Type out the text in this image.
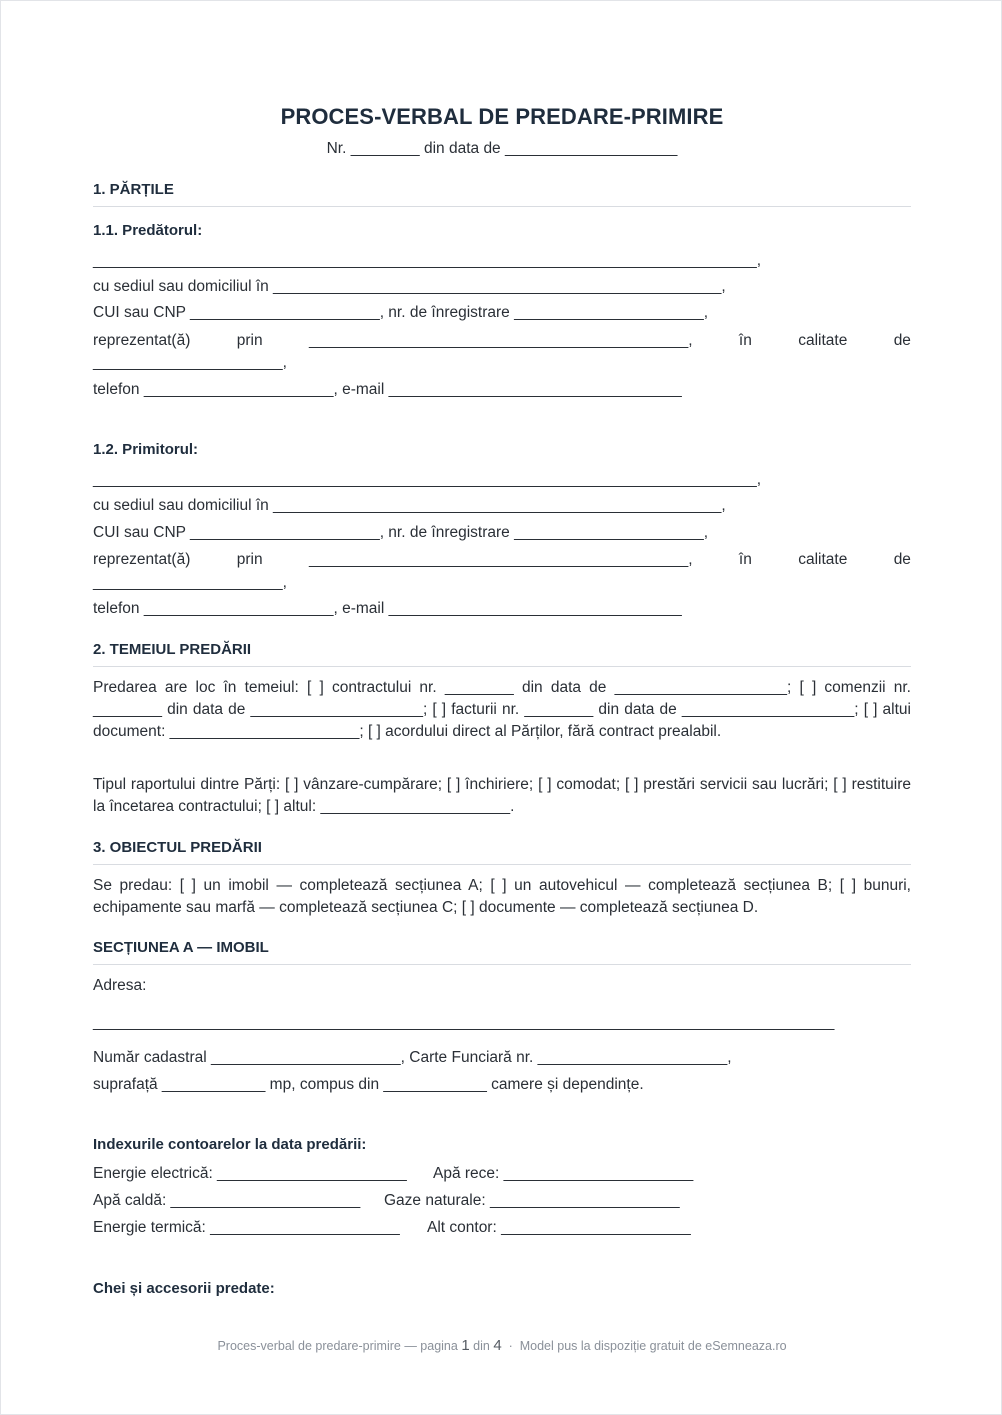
PROCES-VERBAL DE PREDARE-PRIMIRE
Nr. ________ din data de ____________________
1. PĂRȚILE
1.1. Predătorul:
_____________________________________________________________________________,
cu sediul sau domiciliul în ____________________________________________________,
CUI sau CNP ______________________, nr. de înregistrare ______________________,
reprezentat(ă)	prin	____________________________________________,	în	calitate	de
______________________,
telefon ______________________, e-mail __________________________________
1.2. Primitorul:
_____________________________________________________________________________,
cu sediul sau domiciliul în ____________________________________________________,
CUI sau CNP ______________________, nr. de înregistrare ______________________,
reprezentat(ă)	prin	____________________________________________,	în	calitate	de
______________________,
telefon ______________________, e-mail __________________________________
2. TEMEIUL PREDĂRII
Predarea are loc în temeiul: [ ] contractului nr. ________ din data de ____________________; [ ] comenzii nr. ________ din data de ____________________; [ ] facturii nr. ________ din data de ____________________; [ ] altui document: ______________________; [ ] acordului direct al Părților, fără contract prealabil.
Tipul raportului dintre Părți: [ ] vânzare-cumpărare; [ ] închiriere; [ ] comodat; [ ] prestări servicii sau lucrări; [ ] restituire la încetarea contractului; [ ] altul: ______________________.
3. OBIECTUL PREDĂRII
Se predau: [ ] un imobil — completează secțiunea A; [ ] un autovehicul — completează secțiunea B; [ ] bunuri, echipamente sau marfă — completează secțiunea C; [ ] documente — completează secțiunea D.
SECȚIUNEA A — IMOBIL
Adresa:
______________________________________________________________________________________
Număr cadastral ______________________, Carte Funciară nr. ______________________,
suprafață ____________ mp, compus din ____________ camere și dependințe.
Indexurile contoarelor la data predării:
Energie electrică: ______________________ Apă rece: ______________________
Apă caldă: ______________________ Gaze naturale: ______________________
Energie termică: ______________________ Alt contor: ______________________
Chei și accesorii predate:
Proces-verbal de predare-primire — pagina 1 din 4 · Model pus la dispoziție gratuit de eSemneaza.ro
